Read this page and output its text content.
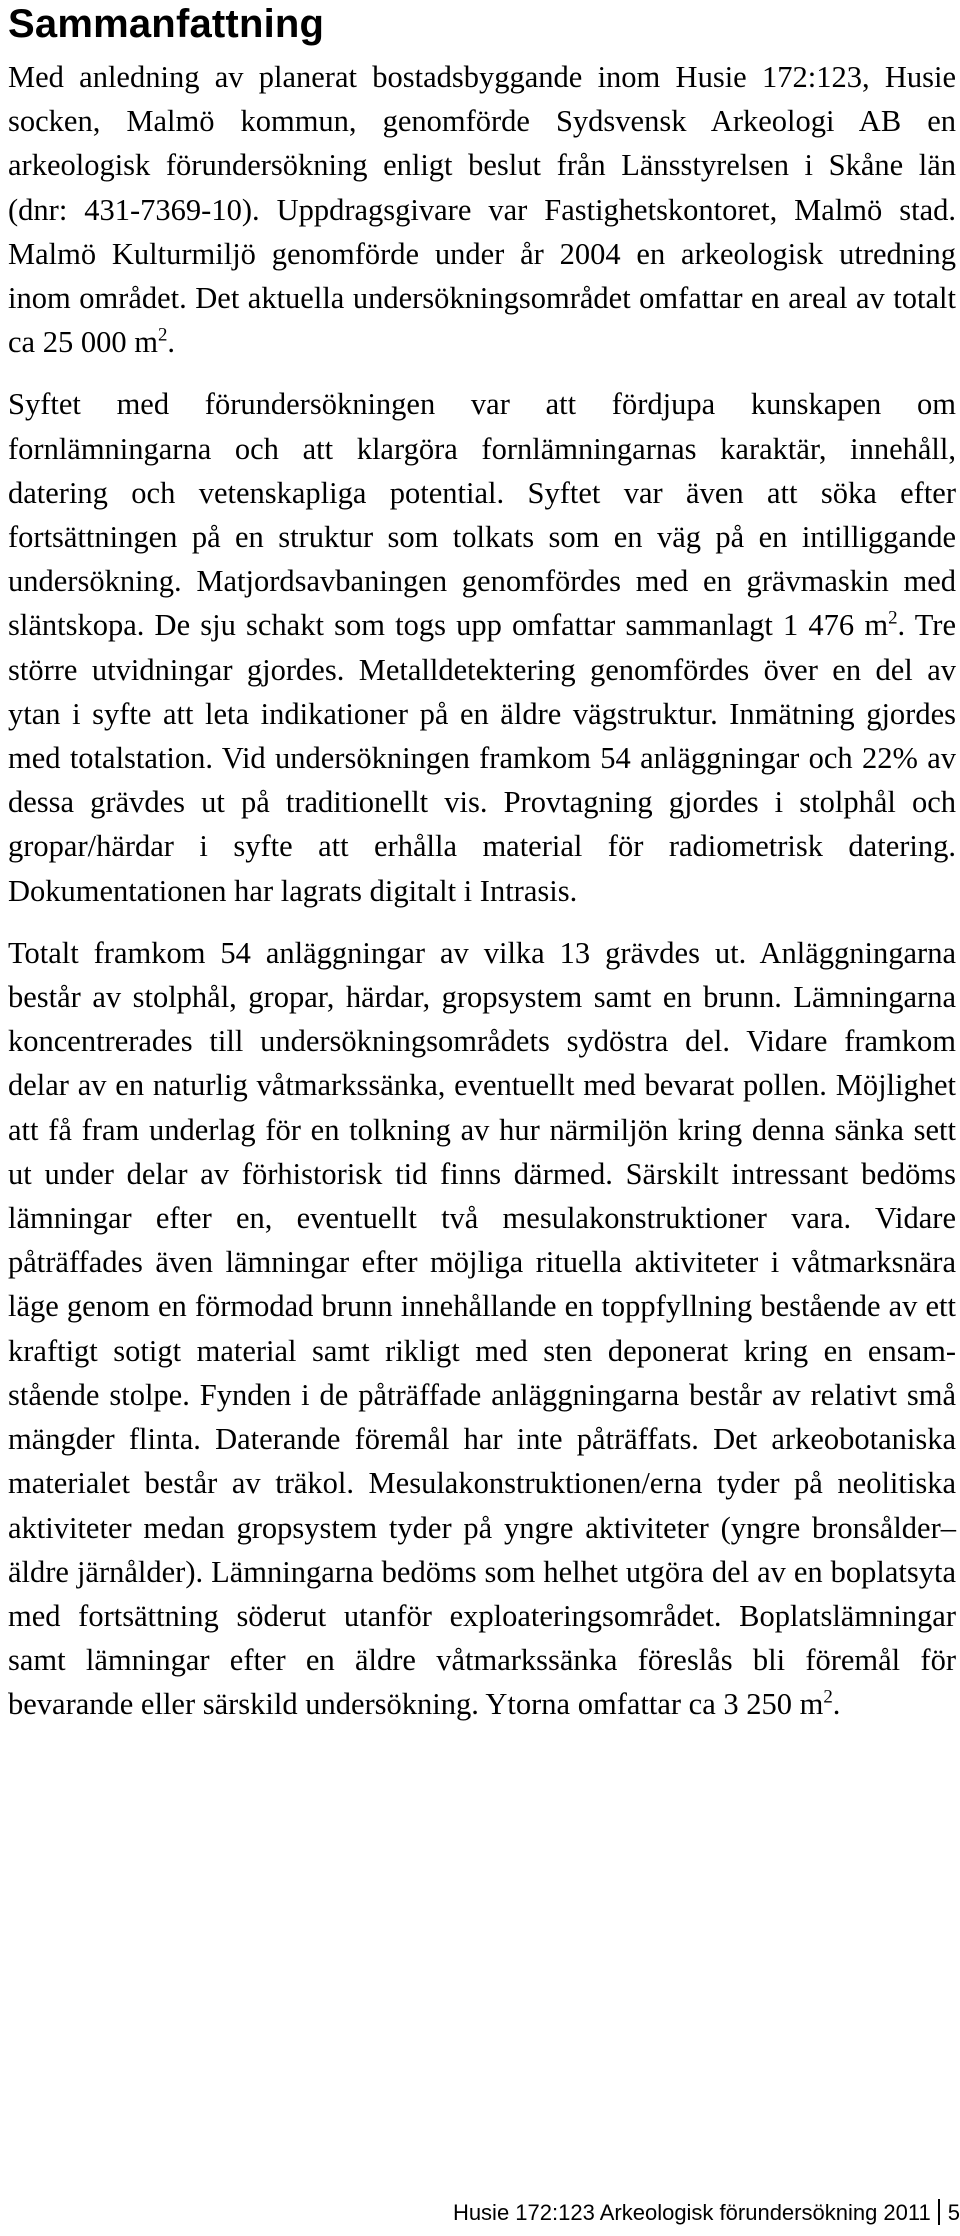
Sammanfattning

Med anledning av planerat bostadsbyggande inom Husie 172:123, Husie socken, Malmö kommun, genomförde Sydsvensk Arkeologi AB en arkeologisk förundersökning enligt beslut från Länsstyrelsen i Skåne län (dnr: 431-7369-10). Uppdragsgivare var Fastighetskontoret, Malmö stad. Malmö Kulturmiljö genomförde under år 2004 en arkeologisk utredning inom området. Det aktuella undersökningsområdet omfattar en areal av totalt ca 25 000 $m^2$.

Syftet med förundersökningen var att fördjupa kunskapen om fornlämningarna och att klargöra fornlämningarnas karaktär, innehåll, datering och vetenskapliga potential. Syftet var även att söka efter fortsättningen på en struktur som tolkats som en väg på en intilliggande undersökning. Matjordsavbaningen genomfördes med en grävmaskin med släntskopa. De sju schakt som togs upp omfattar sammanlagt 1 476 $m^2$. Tre större utvidningar gjordes. Metalldetektering genomfördes över en del av ytan i syfte att leta indikationer på en äldre vägstruktur. Inmätning gjordes med totalstation. Vid undersökningen framkom 54 anläggningar och 22% av dessa grävdes ut på traditionellt vis. Provtagning gjordes i stolphål och gropar/härdar i syfte att erhålla material för radiometrisk datering. Dokumentationen har lagrats digitalt i Intrasis.

Totalt framkom 54 anläggningar av vilka 13 grävdes ut. Anläggningarna består av stolphål, gropar, härdar, gropsystem samt en brunn. Lämningarna koncentrerades till undersökningsområdets sydöstra del. Vidare framkom delar av en naturlig våtmarkssänka, eventuellt med bevarat pollen. Möjlighet att få fram underlag för en tolkning av hur närmiljön kring denna sänka sett ut under delar av förhistorisk tid finns därmed. Särskilt intressant bedöms lämningar efter en, eventuellt två mesulakonstruktioner vara. Vidare påträffades även lämningar efter möjliga rituella aktiviteter i våtmarksnära läge genom en förmodad brunn innehållande en toppfyllning bestående av ett kraftigt sotigt material samt rikligt med sten deponerat kring en ensamstående stolpe. Fynden i de påträffade anläggningarna består av relativt små mängder flinta. Daterande föremål har inte påträffats. Det arkeobotaniska materialet består av träkol. Mesulakonstruktionen/erna tyder på neolitiska aktiviteter medan gropsystem tyder på yngre aktiviteter (yngre bronsålder–äldre järnålder). Lämningarna bedöms som helhet utgöra del av en boplatsyta med fortsättning söderut utanför exploateringsområdet. Boplatslämningar samt lämningar efter en äldre våtmarkssänka föreslås bli föremål för bevarande eller särskild undersökning. Ytorna omfattar ca 3 250 $m^2$.

Husie 172:123 Arkeologisk förundersökning 2011 5
